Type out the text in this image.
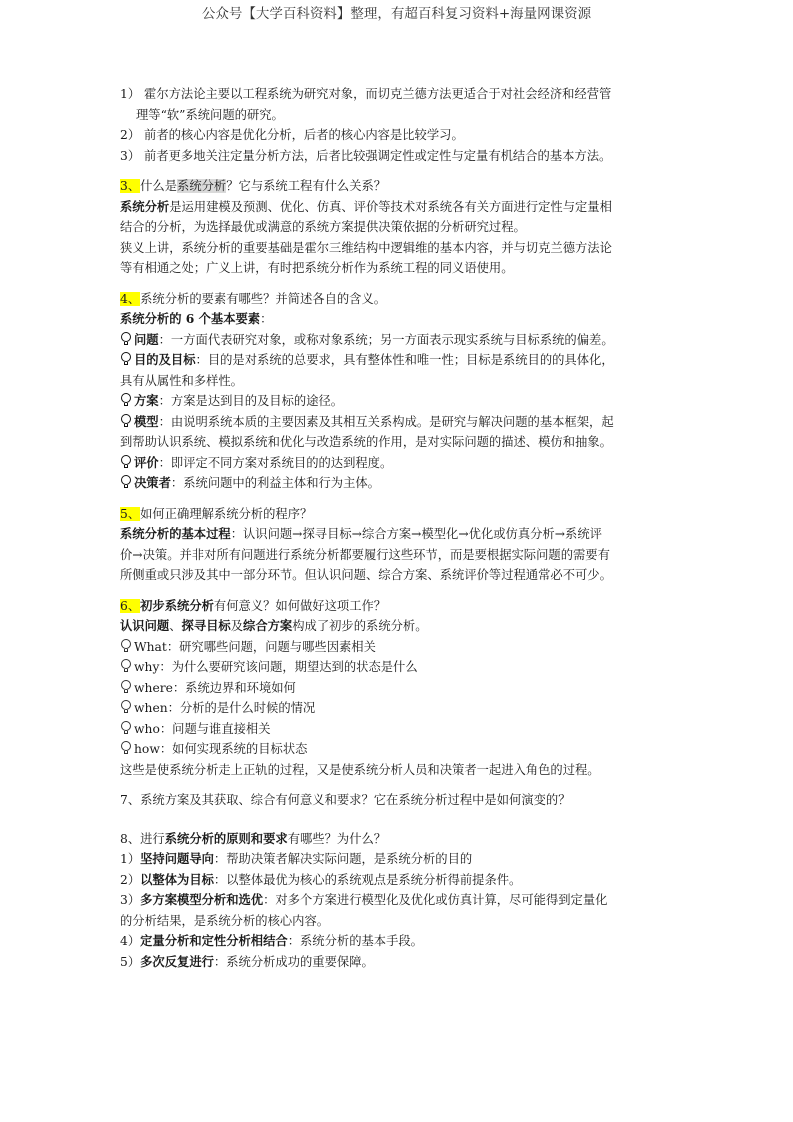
公众号【大学百科资料】整理，有超百科复习资料+海量网课资源
1） 霍尔方法论主要以工程系统为研究对象，而切克兰德方法更适合于对社会经济和经营管
理等“软”系统问题的研究。
2） 前者的核心内容是优化分析，后者的核心内容是比较学习。
3） 前者更多地关注定量分析方法，后者比较强调定性或定性与定量有机结合的基本方法。
3、什么是系统分析？它与系统工程有什么关系？
系统分析是运用建模及预测、优化、仿真、评价等技术对系统各有关方面进行定性与定量相
结合的分析，为选择最优或满意的系统方案提供决策依据的分析研究过程。
狭义上讲，系统分析的重要基础是霍尔三维结构中逻辑维的基本内容，并与切克兰德方法论
等有相通之处；广义上讲，有时把系统分析作为系统工程的同义语使用。
4、系统分析的要素有哪些？并简述各自的含义。
系统分析的 6 个基本要素：
问题：一方面代表研究对象，或称对象系统；另一方面表示现实系统与目标系统的偏差。
目的及目标：目的是对系统的总要求，具有整体性和唯一性；目标是系统目的的具体化，
具有从属性和多样性。
方案：方案是达到目的及目标的途径。
模型：由说明系统本质的主要因素及其相互关系构成。是研究与解决问题的基本框架，起
到帮助认识系统、模拟系统和优化与改造系统的作用，是对实际问题的描述、模仿和抽象。
评价：即评定不同方案对系统目的的达到程度。
决策者：系统问题中的利益主体和行为主体。
5、如何正确理解系统分析的程序？
系统分析的基本过程：认识问题→探寻目标→综合方案→模型化→优化或仿真分析→系统评
价→决策。并非对所有问题进行系统分析都要履行这些环节，而是要根据实际问题的需要有
所侧重或只涉及其中一部分环节。但认识问题、综合方案、系统评价等过程通常必不可少。
6、初步系统分析有何意义？如何做好这项工作？
认识问题、探寻目标及综合方案构成了初步的系统分析。
What：研究哪些问题，问题与哪些因素相关
why：为什么要研究该问题，期望达到的状态是什么
where：系统边界和环境如何
when：分析的是什么时候的情况
who：问题与谁直接相关
how：如何实现系统的目标状态
这些是使系统分析走上正轨的过程，又是使系统分析人员和决策者一起进入角色的过程。
7、系统方案及其获取、综合有何意义和要求？它在系统分析过程中是如何演变的？
8、进行系统分析的原则和要求有哪些？为什么？
1）坚持问题导向：帮助决策者解决实际问题，是系统分析的目的
2）以整体为目标：以整体最优为核心的系统观点是系统分析得前提条件。
3）多方案模型分析和选优：对多个方案进行模型化及优化或仿真计算，尽可能得到定量化
的分析结果，是系统分析的核心内容。
4）定量分析和定性分析相结合：系统分析的基本手段。
5）多次反复进行：系统分析成功的重要保障。
